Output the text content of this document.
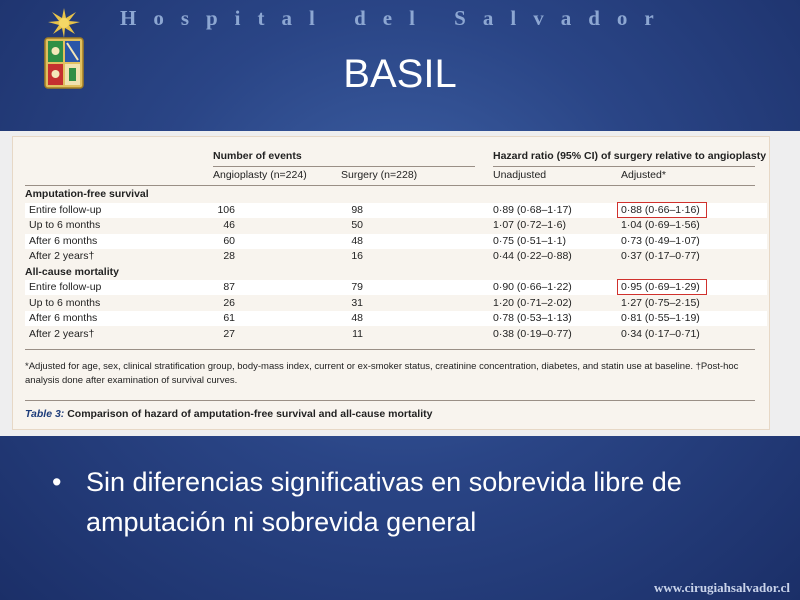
Hospital del Salvador
BASIL
Number of events	Hazard ratio (95% CI) of surgery relative to angioplasty
Angioplasty (n=224)	Surgery (n=228)	Unadjusted	Adjusted*
Amputation-free survival
Entire follow-up	106	98	0·89 (0·68–1·17)	0·88 (0·66–1·16)
Up to 6 months	46	50	1·07 (0·72–1·6)	1·04 (0·69–1·56)
After 6 months	60	48	0·75 (0·51–1·1)	0·73 (0·49–1·07)
After 2 years†	28	16	0·44 (0·22–0·88)	0·37 (0·17–0·77)
All-cause mortality
Entire follow-up	87	79	0·90 (0·66–1·22)	0·95 (0·69–1·29)
Up to 6 months	26	31	1·20 (0·71–2·02)	1·27 (0·75–2·15)
After 6 months	61	48	0·78 (0·53–1·13)	0·81 (0·55–1·19)
After 2 years†	27	11	0·38 (0·19–0·77)	0·34 (0·17–0·71)
*Adjusted for age, sex, clinical stratification group, body-mass index, current or ex-smoker status, creatinine concentration, diabetes, and statin use at baseline. †Post-hoc analysis done after examination of survival curves.
Table 3: Comparison of hazard of amputation-free survival and all-cause mortality
• Sin diferencias significativas en sobrevida libre de amputación ni sobrevida general
www.cirugiahsalvador.cl
